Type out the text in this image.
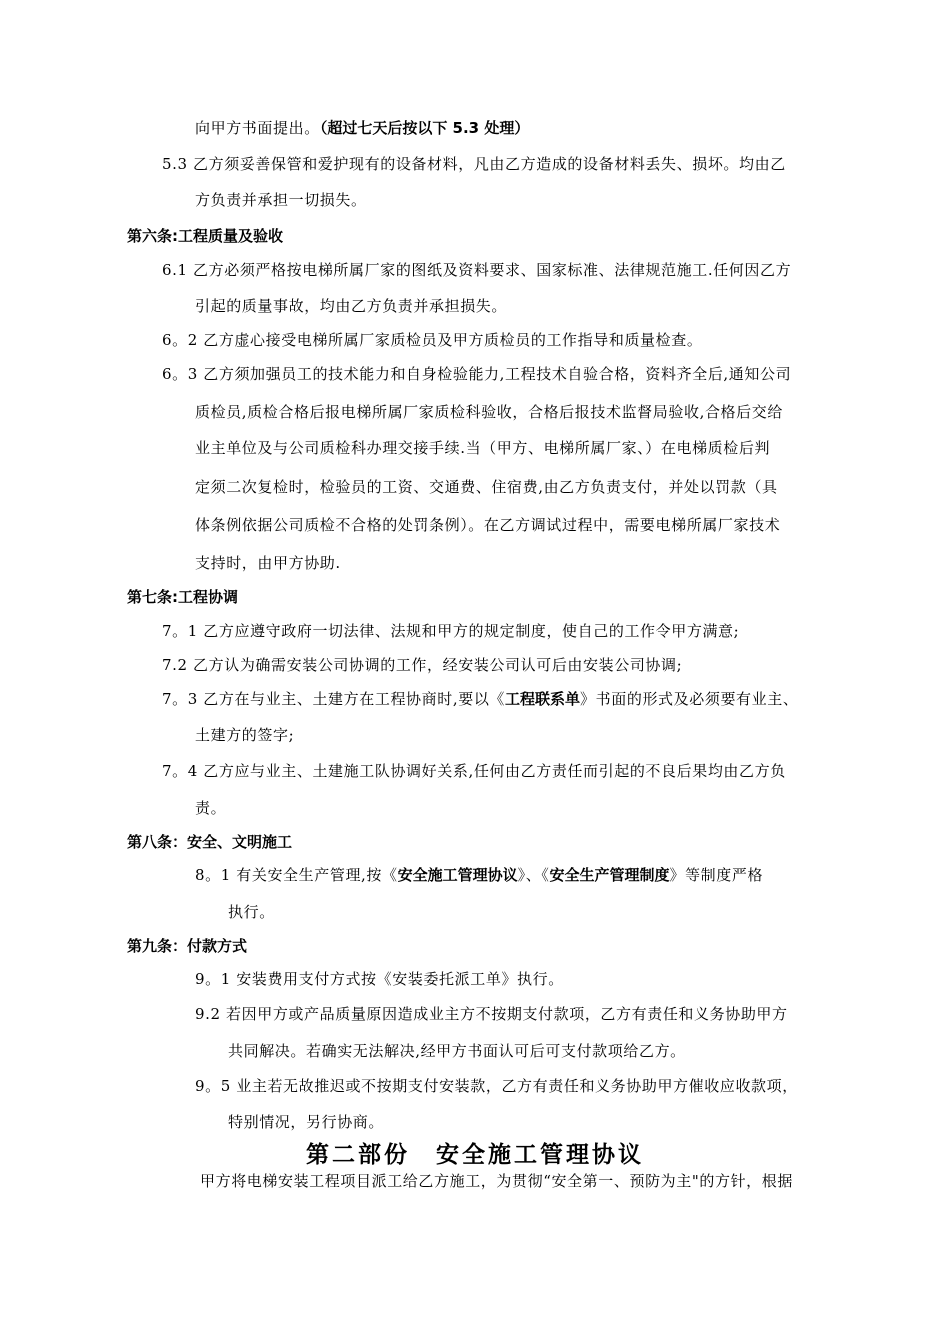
向甲方书面提出。（超过七天后按以下 5.3 处理）
5.3 乙方须妥善保管和爱护现有的设备材料，凡由乙方造成的设备材料丢失、损坏。均由乙
方负责并承担一切损失。
第六条:工程质量及验收
6.1 乙方必须严格按电梯所属厂家的图纸及资料要求、国家标准、法律规范施工.任何因乙方
引起的质量事故，均由乙方负责并承担损失。
6。2 乙方虚心接受电梯所属厂家质检员及甲方质检员的工作指导和质量检查。
6。3 乙方须加强员工的技术能力和自身检验能力,工程技术自验合格，资料齐全后,通知公司
质检员,质检合格后报电梯所属厂家质检科验收，合格后报技术监督局验收,合格后交给
业主单位及与公司质检科办理交接手续.当（甲方、电梯所属厂家、）在电梯质检后判
定须二次复检时，检验员的工资、交通费、住宿费,由乙方负责支付，并处以罚款（具
体条例依据公司质检不合格的处罚条例）。在乙方调试过程中，需要电梯所属厂家技术
支持时，由甲方协助.
第七条:工程协调
7。1 乙方应遵守政府一切法律、法规和甲方的规定制度，使自己的工作令甲方满意;
7.2 乙方认为确需安装公司协调的工作，经安装公司认可后由安装公司协调;
7。3 乙方在与业主、土建方在工程协商时,要以《工程联系单》书面的形式及必须要有业主、
土建方的签字;
7。4 乙方应与业主、土建施工队协调好关系,任何由乙方责任而引起的不良后果均由乙方负
责。
第八条：安全、文明施工
8。1 有关安全生产管理,按《安全施工管理协议》、《安全生产管理制度》等制度严格
执行。
第九条：付款方式
9。1 安装费用支付方式按《安装委托派工单》执行。
9.2 若因甲方或产品质量原因造成业主方不按期支付款项，乙方有责任和义务协助甲方
共同解决。若确实无法解决,经甲方书面认可后可支付款项给乙方。
9。5 业主若无故推迟或不按期支付安装款，乙方有责任和义务协助甲方催收应收款项，
特别情况，另行协商。
第二部份　安全施工管理协议
甲方将电梯安装工程项目派工给乙方施工，为贯彻“安全第一、预防为主"的方针，根据
